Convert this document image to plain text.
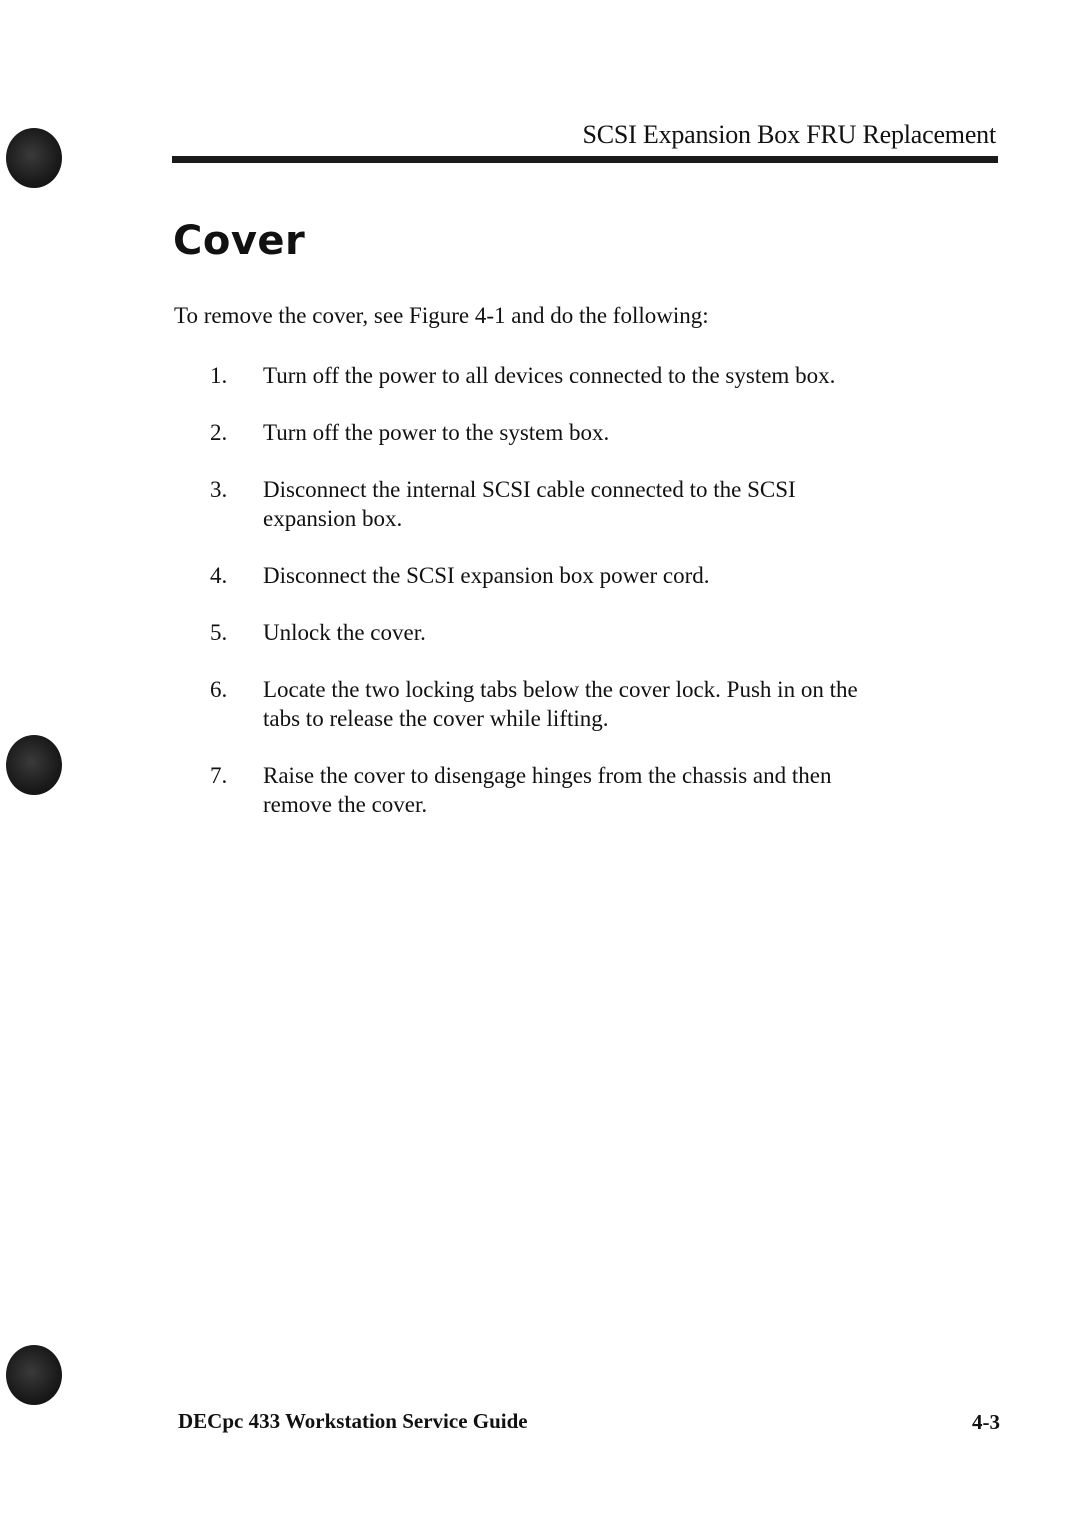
SCSI Expansion Box FRU Replacement
Cover

To remove the cover, see Figure 4-1 and do the following:

1. Turn off the power to all devices connected to the system box.
2. Turn off the power to the system box.
3. Disconnect the internal SCSI cable connected to the SCSI expansion box.
4. Disconnect the SCSI expansion box power cord.
5. Unlock the cover.
6. Locate the two locking tabs below the cover lock. Push in on the tabs to release the cover while lifting.
7. Raise the cover to disengage hinges from the chassis and then remove the cover.
DECpc 433 Workstation Service Guide	4-3
